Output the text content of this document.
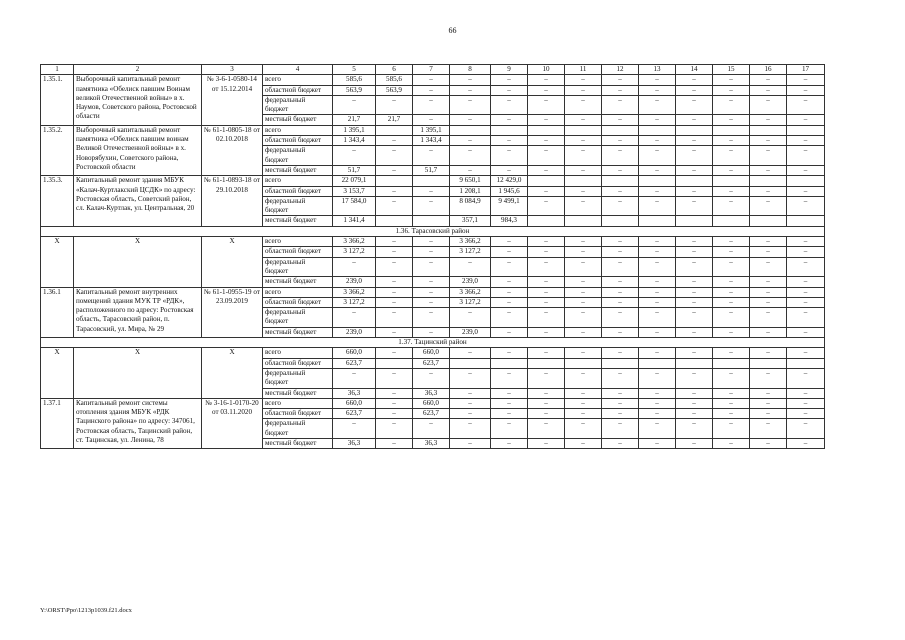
66
1	2	3	4	5	6	7	8	9	10	11	12	13	14	15	16	17
1.35.1.	Выборочный капитальный ремонт памятника «Обелиск павшим Воинам великой Отечественной войны» в х. Наумов, Советского района, Ростовской области	№ 3-6-1-0580-14 от 15.12.2014	всего	585,6	585,6	–	–	–	–	–	–	–	–	–	–	–
			областной бюджет	563,9	563,9	–	–	–	–	–	–	–	–	–	–	–
			федеральный бюджет	–	–	–	–	–	–	–	–	–	–	–	–	–
			местный бюджет	21,7	21,7	–	–	–	–	–	–	–	–	–	–	–
1.35.2.	Выборочный капитальный ремонт памятника «Обелиск павшим воинам Великой Отечественной войны» в х. Новорябухин, Советского района, Ростовской области	№ 61-1-0805-18 от 02.10.2018	всего	1 395,1		1 395,1										
			областной бюджет	1 343,4	–	1 343,4	–	–	–	–	–	–	–	–	–	–
			федеральный бюджет	–	–	–	–	–	–	–	–	–	–	–	–	–
			местный бюджет	51,7	–	51,7	–	–	–	–	–	–	–	–	–	–
1.35.3.	Капитальный ремонт здания МБУК «Калач-Куртлакский ЦСДК» по адресу: Ростовская область, Советский район, сл. Калач-Куртлак, ул. Центральная, 20	№ 61-1-0893-18 от 29.10.2018	всего	22 079,1			9 650,1	12 429,0								
			областной бюджет	3 153,7	–	–	1 208,1	1 945,6	–	–	–	–	–	–	–	–
			федеральный бюджет	17 584,0	–	–	8 084,9	9 499,1	–	–	–	–	–	–	–	–
			местный бюджет	1 341,4			357,1	984,3								
1.36. Тарасовский район																
Х	Х	Х	всего	3 366,2	–	–	3 366,2	–	–	–	–	–	–	–	–	–
			областной бюджет	3 127,2	–	–	3 127,2	–	–	–	–	–	–	–	–	–
			федеральный бюджет	–	–	–	–	–	–	–	–	–	–	–	–	–
			местный бюджет	239,0	–	–	239,0	–	–	–	–	–	–	–	–	–
1.36.1	Капитальный ремонт внутренних помещений здания МУК ТР «РДК», расположенного по адресу: Ростовская область, Тарасовский район, п. Тарасовский, ул. Мира, № 29	№ 61-1-0955-19 от 23.09.2019	всего	3 366,2	–	–	3 366,2	–	–	–	–	–	–	–	–	–
			областной бюджет	3 127,2	–	–	3 127,2	–	–	–	–	–	–	–	–	–
			федеральный бюджет	–	–	–	–	–	–	–	–	–	–	–	–	–
			местный бюджет	239,0	–	–	239,0	–	–	–	–	–	–	–	–	–
1.37. Тацинский район																
Х	Х	Х	всего	660,0	–	660,0	–	–	–	–	–	–	–	–	–	–
			областной бюджет	623,7		623,7										
			федеральный бюджет	–	–	–	–	–	–	–	–	–	–	–	–	–
			местный бюджет	36,3	–	36,3	–	–	–	–	–	–	–	–	–	–
1.37.1	Капитальный ремонт системы отопления здания МБУК «РДК Тацинского района» по адресу: 347061, Ростовская область, Тацинский район, ст. Тацинская, ул. Ленина, 78	№ 3-16-1-0170-20 от 03.11.2020	всего	660,0	–	660,0	–	–	–	–	–	–	–	–	–	–
			областной бюджет	623,7	–	623,7	–	–	–	–	–	–	–	–	–	–
			федеральный бюджет	–	–	–	–	–	–	–	–	–	–	–	–	–
			местный бюджет	36,3	–	36,3	–	–	–	–	–	–	–	–	–	–
Y:\ORST\Ppo\1213p1039.f21.docx
